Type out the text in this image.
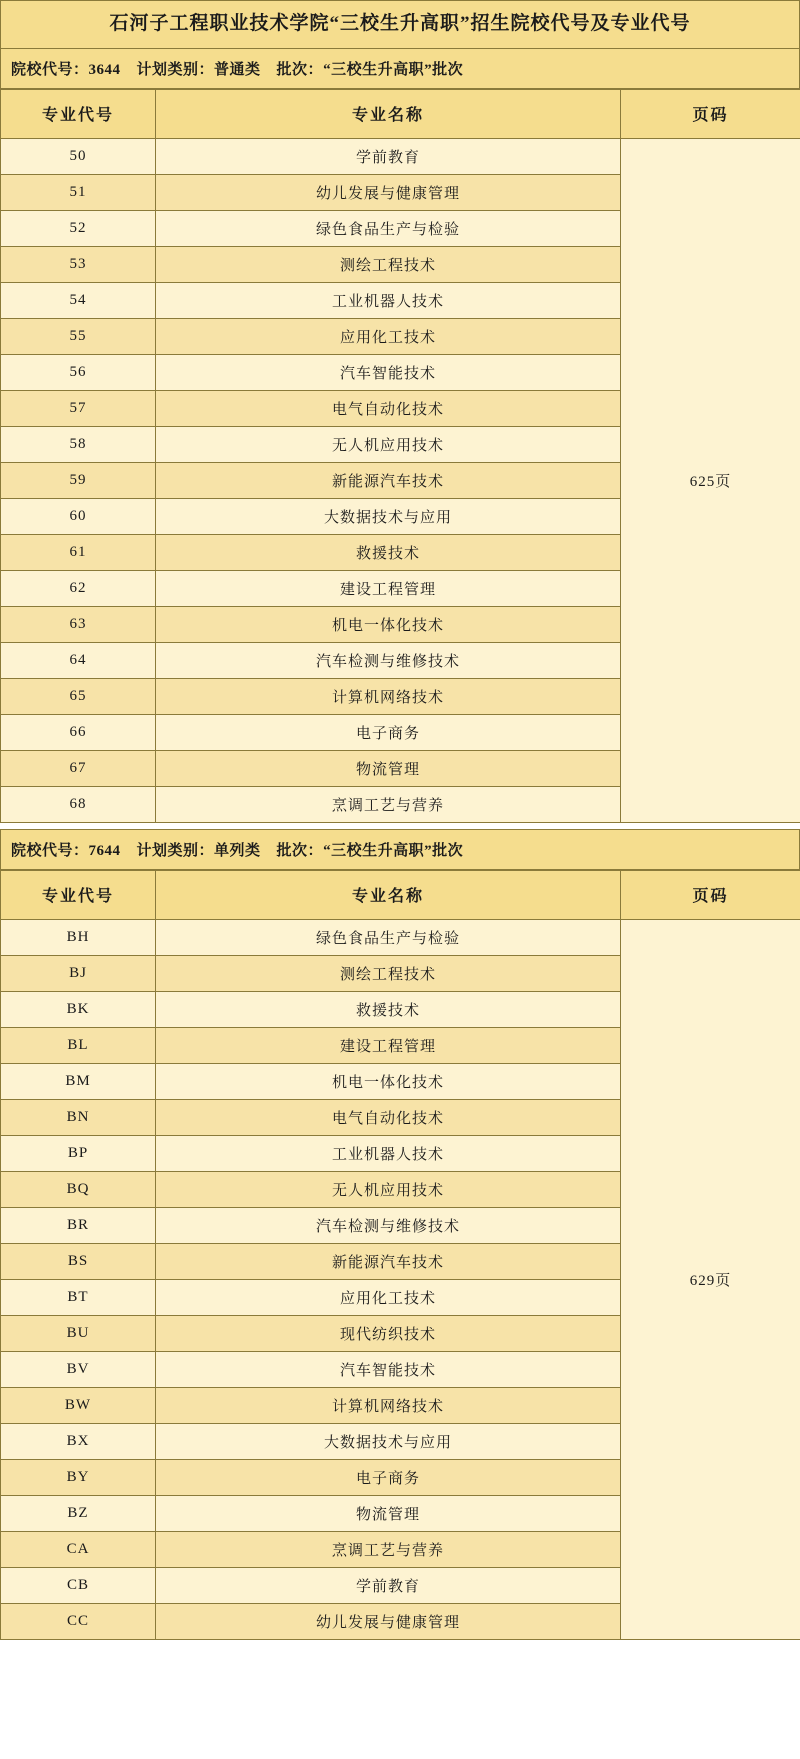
石河子工程职业技术学院“三校生升高职”招生院校代号及专业代号
院校代号：3644 计划类别：普通类 批次：“三校生升高职”批次
专业代号	专业名称	页码
50	学前教育	625页
51	幼儿发展与健康管理	
52	绿色食品生产与检验	
53	测绘工程技术	
54	工业机器人技术	
55	应用化工技术	
56	汽车智能技术	
57	电气自动化技术	
58	无人机应用技术	
59	新能源汽车技术	
60	大数据技术与应用	
61	救援技术	
62	建设工程管理	
63	机电一体化技术	
64	汽车检测与维修技术	
65	计算机网络技术	
66	电子商务	
67	物流管理	
68	烹调工艺与营养	
院校代号：7644 计划类别：单列类 批次：“三校生升高职”批次
专业代号	专业名称	页码
BH	绿色食品生产与检验	629页
BJ	测绘工程技术	
BK	救援技术	
BL	建设工程管理	
BM	机电一体化技术	
BN	电气自动化技术	
BP	工业机器人技术	
BQ	无人机应用技术	
BR	汽车检测与维修技术	
BS	新能源汽车技术	
BT	应用化工技术	
BU	现代纺织技术	
BV	汽车智能技术	
BW	计算机网络技术	
BX	大数据技术与应用	
BY	电子商务	
BZ	物流管理	
CA	烹调工艺与营养	
CB	学前教育	
CC	幼儿发展与健康管理	
